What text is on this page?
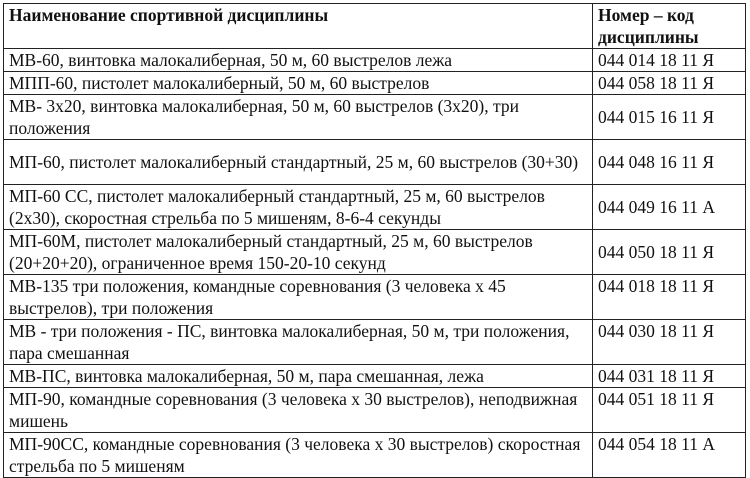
Наименование спортивной дисциплины	Номер – код дисциплины
МВ-60, винтовка малокалиберная, 50 м, 60 выстрелов лежа	044 014 18 11 Я
МПП-60, пистолет малокалиберный, 50 м, 60 выстрелов	044 058 18 11 Я
МВ- 3х20, винтовка малокалиберная, 50 м, 60 выстрелов (3х20), три положения	044 015 16 11 Я
МП-60, пистолет малокалиберный стандартный, 25 м, 60 выстрелов (30+30)	044 048 16 11 Я
МП-60 СС, пистолет малокалиберный стандартный, 25 м, 60 выстрелов (2х30), скоростная стрельба по 5 мишеням, 8-6-4 секунды	044 049 16 11 А
МП-60М, пистолет малокалиберный стандартный, 25 м, 60 выстрелов (20+20+20), ограниченное время 150-20-10 секунд	044 050 18 11 Я
МВ-135 три положения, командные соревнования (3 человека х 45 выстрелов), три положения	044 018 18 11 Я
МВ - три положения - ПС, винтовка малокалиберная, 50 м, три положения, пара смешанная	044 030 18 11 Я
МВ-ПС, винтовка малокалиберная, 50 м, пара смешанная, лежа	044 031 18 11 Я
МП-90, командные соревнования (3 человека х 30 выстрелов), неподвижная мишень	044 051 18 11 Я
МП-90СС, командные соревнования (3 человека х 30 выстрелов) скоростная стрельба по 5 мишеням	044 054 18 11 А
